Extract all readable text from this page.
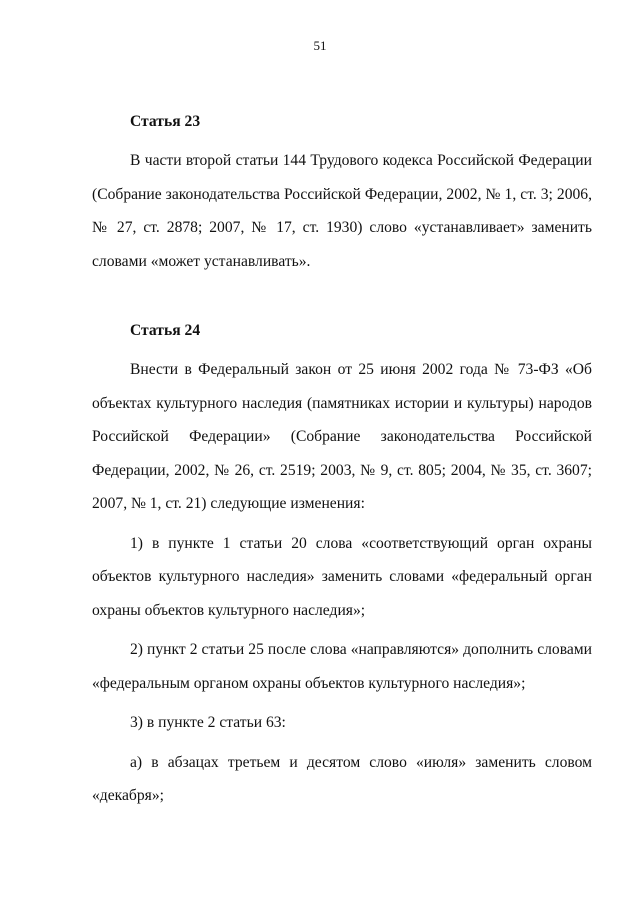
51
Статья 23

В части второй статьи 144 Трудового кодекса Российской Федерации (Собрание законодательства Российской Федерации, 2002, № 1, ст. 3; 2006, № 27, ст. 2878; 2007, № 17, ст. 1930) слово «устанавливает» заменить словами «может устанавливать».

Статья 24

Внести в Федеральный закон от 25 июня 2002 года № 73-ФЗ «Об объектах культурного наследия (памятниках истории и культуры) народов Российской Федерации» (Собрание законодательства Российской Федерации, 2002, № 26, ст. 2519; 2003, № 9, ст. 805; 2004, № 35, ст. 3607; 2007, № 1, ст. 21) следующие изменения:

1) в пункте 1 статьи 20 слова «соответствующий орган охраны объектов культурного наследия» заменить словами «федеральный орган охраны объектов культурного наследия»;

2) пункт 2 статьи 25 после слова «направляются» дополнить словами «федеральным органом охраны объектов культурного наследия»;

3) в пункте 2 статьи 63:

а) в абзацах третьем и десятом слово «июля» заменить словом «декабря»;
